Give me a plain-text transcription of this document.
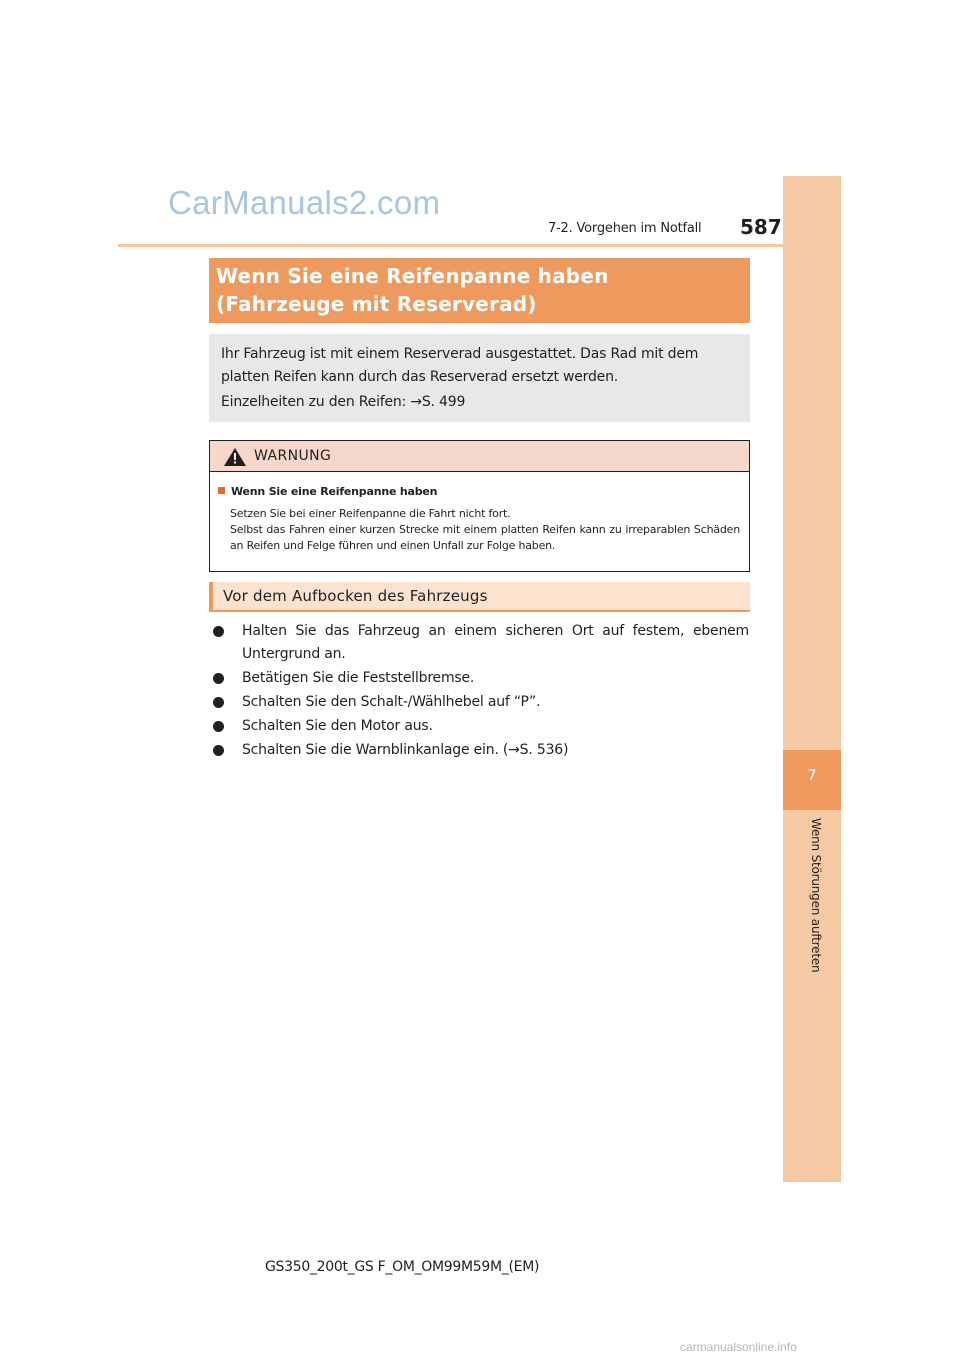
CarManuals2.com
7-2. Vorgehen im Notfall 587
7
Wenn Störungen auftreten
Wenn Sie eine Reifenpanne haben (Fahrzeuge mit Reserverad)
Ihr Fahrzeug ist mit einem Reserverad ausgestattet. Das Rad mit dem platten Reifen kann durch das Reserverad ersetzt werden.
Einzelheiten zu den Reifen: →S. 499
WARNUNG
Wenn Sie eine Reifenpanne haben
Setzen Sie bei einer Reifenpanne die Fahrt nicht fort.
Selbst das Fahren einer kurzen Strecke mit einem platten Reifen kann zu irreparablen Schäden an Reifen und Felge führen und einen Unfall zur Folge haben.
Vor dem Aufbocken des Fahrzeugs
Halten Sie das Fahrzeug an einem sicheren Ort auf festem, ebenem Untergrund an.
Betätigen Sie die Feststellbremse.
Schalten Sie den Schalt-/Wählhebel auf “P”.
Schalten Sie den Motor aus.
Schalten Sie die Warnblinkanlage ein. (→S. 536)
GS350_200t_GS F_OM_OM99M59M_(EM)
carmanualsonline.info
